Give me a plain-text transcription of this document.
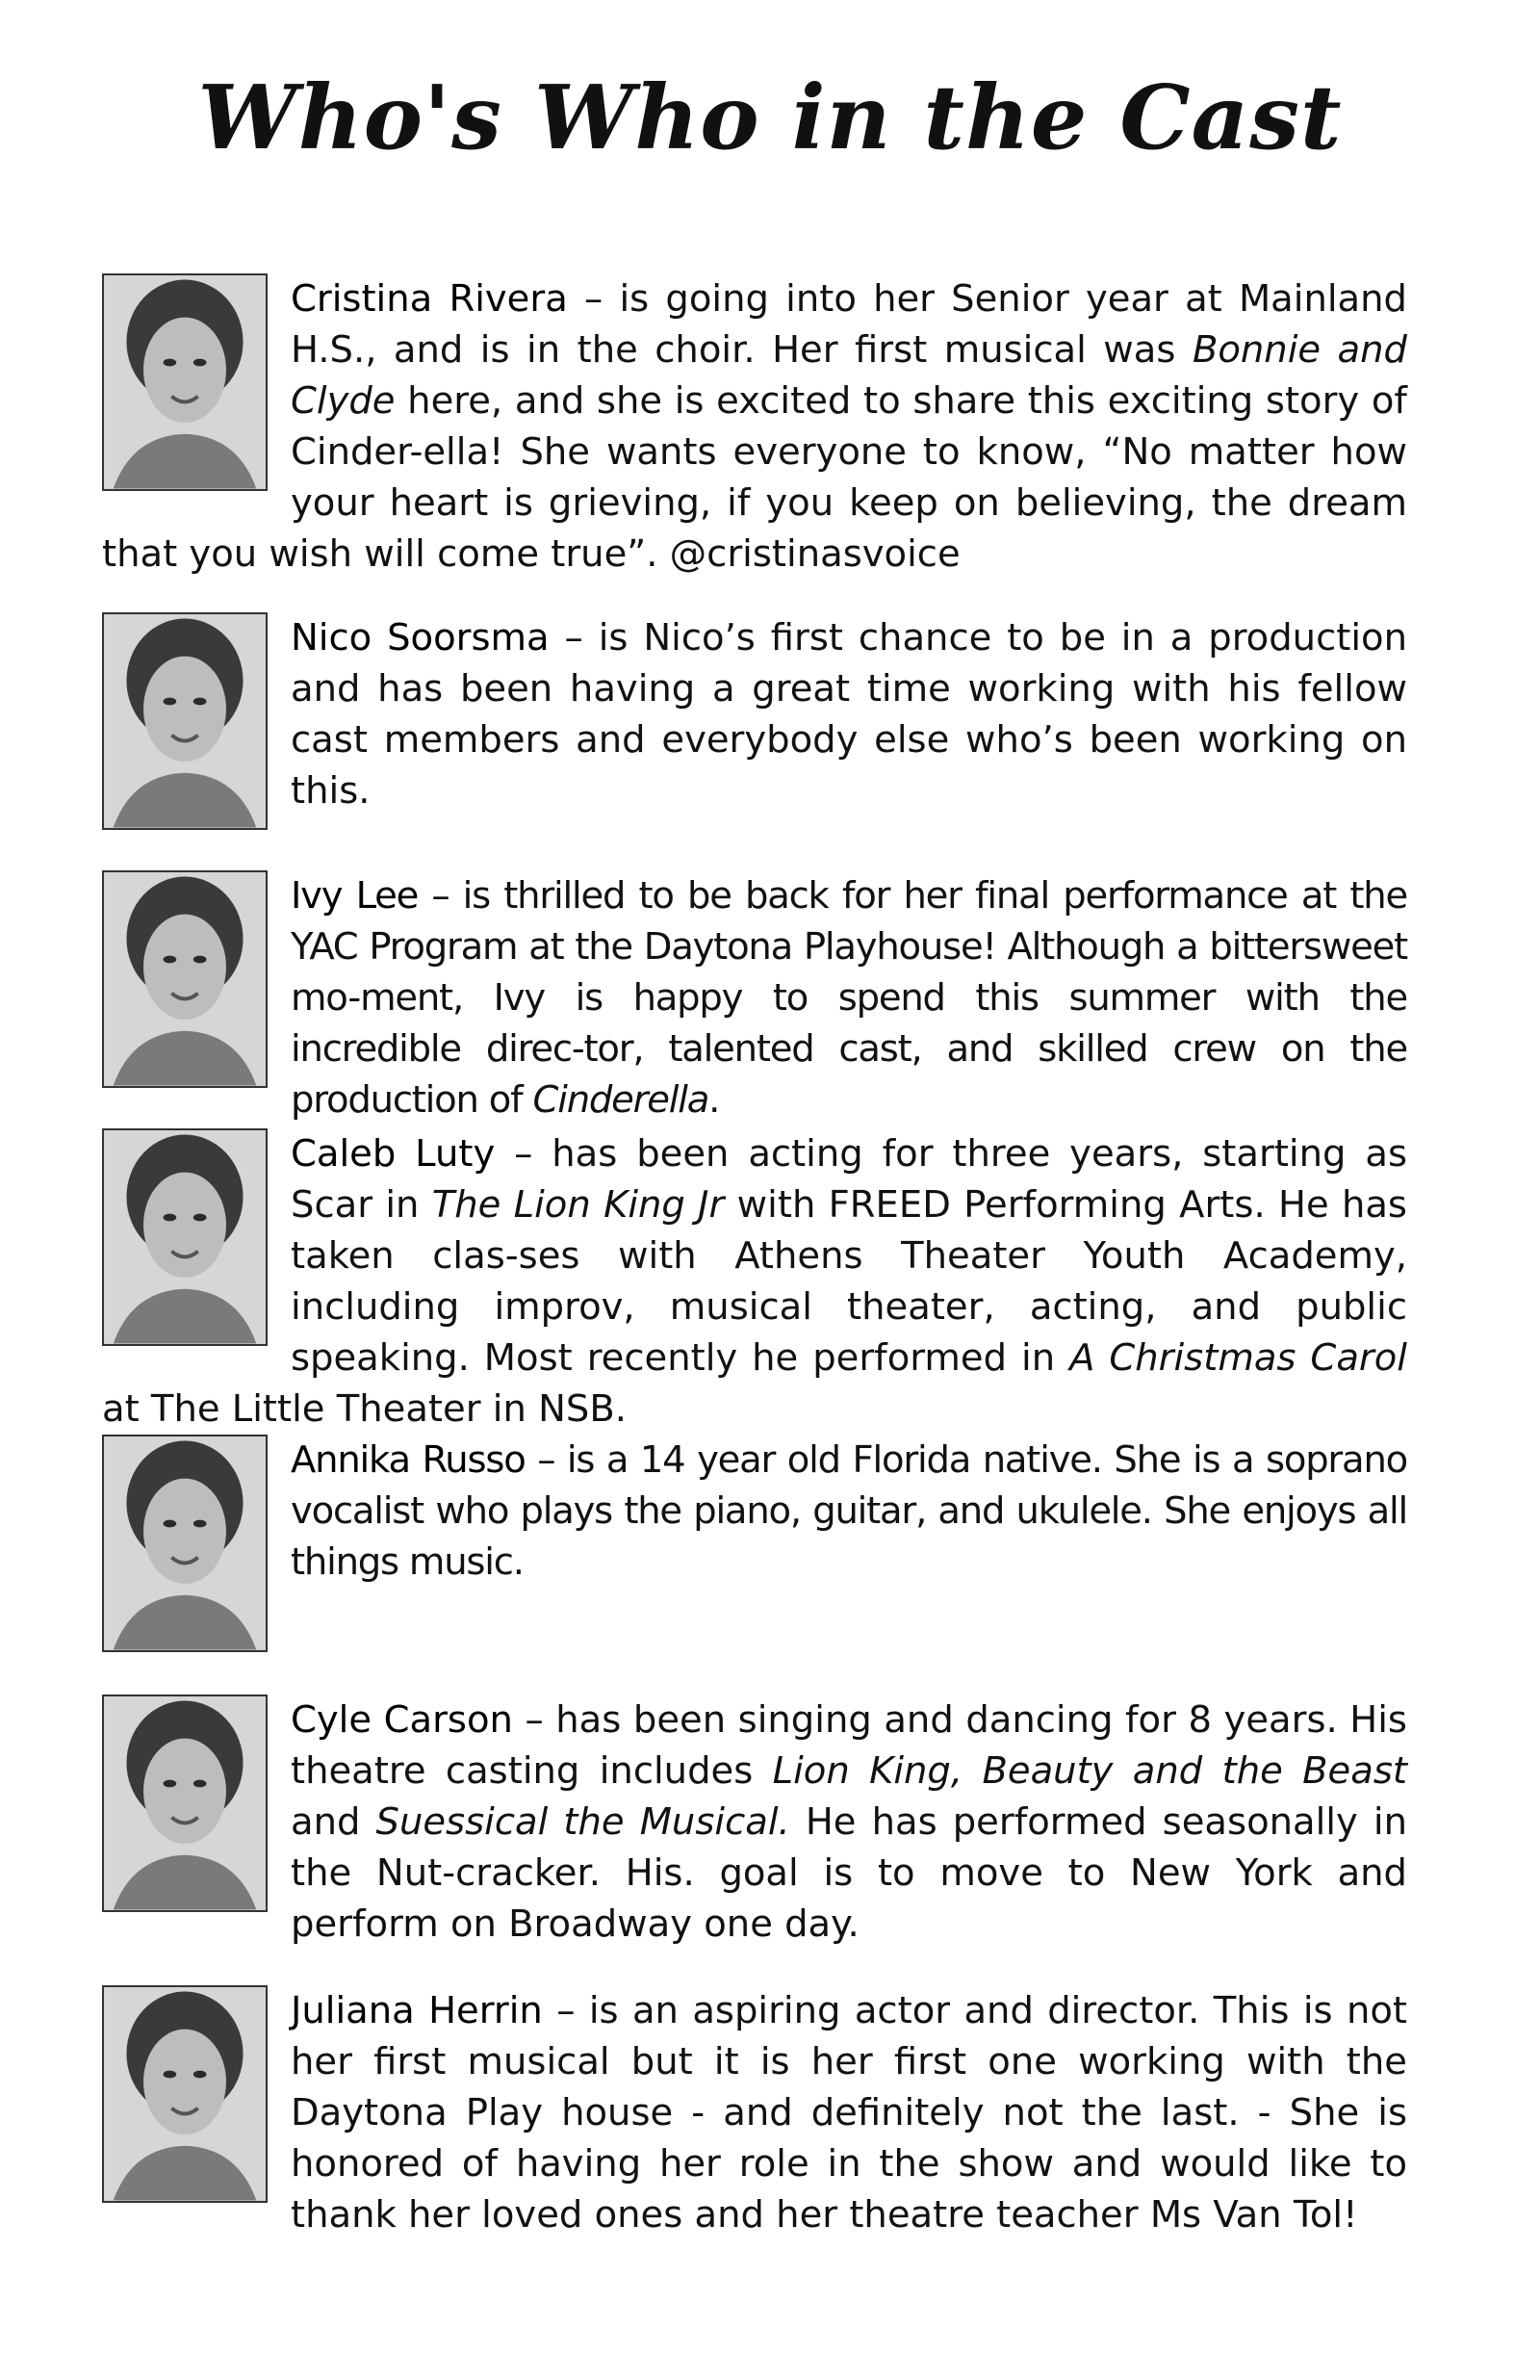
Who's Who in the Cast

Cristina Rivera – is going into her Senior year at Mainland H.S., and is in the choir. Her first musical was Bonnie and Clyde here, and she is excited to share this exciting story of Cinder-ella! She wants everyone to know, “No matter how your heart is grieving, if you keep on believing, the dream that you wish will come true”. @cristinasvoice

Nico Soorsma – is Nico’s first chance to be in a production and has been having a great time working with his fellow cast members and everybody else who’s been working on this.

Ivy Lee – is thrilled to be back for her final performance at the YAC Program at the Daytona Playhouse! Although a bittersweet mo-ment, Ivy is happy to spend this summer with the incredible direc-tor, talented cast, and skilled crew on the production of Cinderella.

Caleb Luty – has been acting for three years, starting as Scar in The Lion King Jr with FREED Performing Arts. He has taken clas-ses with Athens Theater Youth Academy, including improv, musical theater, acting, and public speaking. Most recently he performed in A Christmas Carol at The Little Theater in NSB.

Annika Russo – is a 14 year old Florida native. She is a soprano vocalist who plays the piano, guitar, and ukulele. She enjoys all things music.

Cyle Carson – has been singing and dancing for 8 years. His theatre casting includes Lion King, Beauty and the Beast and Suessical the Musical. He has performed seasonally in the Nut-cracker. His. goal is to move to New York and perform on Broadway one day.

Juliana Herrin – is an aspiring actor and director. This is not her first musical but it is her first one working with the Daytona Play house - and definitely not the last. - She is honored of having her role in the show and would like to thank her loved ones and her theatre teacher Ms Van Tol!
